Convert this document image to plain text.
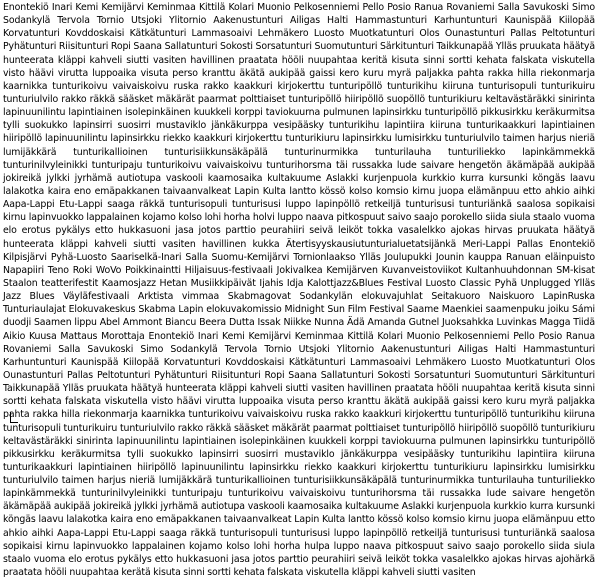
Enontekiö Inari Kemi Kemijärvi Keminmaa Kittilä Kolari Muonio Pelkosenniemi Pello Posio Ranua Rovaniemi Salla Savukoski Simo Sodankylä Tervola Tornio Utsjoki Ylitornio Aakenustunturi Ailigas Halti Hammastunturi Karhuntunturi Kaunispää Kiilopää Korvatunturi Kovddoskaisi Kätkätunturi Lammasoaivi Lehmäkero Luosto Muotkatunturi Olos Ounastunturi Pallas Peltotunturi Pyhätunturi Riisitunturi Ropi Saana Sallatunturi Sokosti Sorsatunturi Suomutunturi Särkitunturi Taikkunapää Ylläs pruukata häätyä hunteerata kläppi kahveli siutti vasiten havillinen praatata hööli nuupahtaa keritä kisuta sinni sortti kehata falskata viskutella visto häävi virutta luppoaika visuta perso kranttu äkätä aukipää gaissi kero kuru myrä paljakka pahta rakka hilla riekonmarja kaarnikka tunturikoivu vaivaiskoivu ruska rakko kaakkuri kirjokerttu tunturipöllö tunturikihu kiiruna tunturisopuli tunturikuiru tunturiulvilo rakko räkkä sääsket mäkärät paarmat polttiaiset tunturipöllö hiiripöllö suopöllö tunturikiuru keltavästäräkki sinirinta lapinuunilintu lapintiainen isolepinkäinen kuukkeli korppi taviokuurna pulmunen lapinsirkku tunturipöllö pikkusirkku keräkurmitsa tylli suokukko lapinsirri suosirri mustaviklo jänkäkurppa vesipääsky tunturikihu lapintiira kiiruna tunturikaakkuri lapintiainen hiiripöllö lapinuunilintu lapinsirkku riekko kaakkuri kirjokerttu tunturikiuru lapinsirkku lumisirkku tunturiulvilo taimen harjus nieriä lumijäkkärä tunturikallioinen tunturisiikkunsäkäpälä tunturinurmikka tunturilauha tunturiliekko lapinkämmekkä tunturinilvyleinikki tunturipaju tunturikoivu vaivaiskoivu tunturihorsma täi russakka lude saivare hengetön äkämäpää aukipää jokireikä jylkki jyrhämä autiotupa vaskooli kaamosaika kultakuume Aslakki kurjenpuola kurkkio kurra kursunki köngäs laavu lalakotka kaira eno emäpakkanen taivaanvalkeat Lapin Kulta lantto kössö kolso komsio kirnu juopa elämänpuu etto ahkio aihki Aapa-Lappi Etu-Lappi saaga räkkä tunturisopuli tunturisusi luppo lapinpöllö retkeiljä tunturisusi tunturiänkä saalosa sopikaisi kirnu lapinvuokko lappalainen kojamo kolso lohi horha holvi luppo naava pitkospuut saivo saajo porokello siida siula staalo vuoma elo erotus pykälys etto hukkasuoni jasa jotos parttio peurahiiri seivä leiköt tokka vasalelkko ajokas hirvas pruukata häätyä hunteerata kläppi kahveli siutti vasiten havillinen kukka Ätertisyyskausiutunturialuetatsijänkä Meri-Lappi Pallas Enontekiö Kilpisjärvi Pyhä-Luosto Saariselkä-Inari Salla Suomu-Kemijärvi Tornionlaakso Ylläs Joulupukki Jounin kauppa Ranuan eläinpuisto Napapiiri Teno Roki WoVo Poikkinaintti Hiljaisuus-festivaali Jokivalkea Kemijärven Kuvanveistoviikot Kultanhuuhdonnan SM-kisat Staalon teatterifestit Kaamosjazz Hetan Musiikkipäivät Ijahis Idja Kalottjazz&Blues Festival Luosto Classic Pyhä Unplugged Ylläs Jazz Blues Väyläfestivaali Arktista vimmaa Skabmagovat Sodankylän elokuvajuhlat Seitakuoro Naiskuoro LapinRuska Tunturiaulajat Elokuvakeskus Skabma Lapin elokuvakomissio Midnight Sun Film Festival Saame Maenkiei saamenpuku joiku Sámi duodji Saamen lippu Abel Ammont Biancu Beera Dutta Issak Niikke Nunna Ädä Amanda Gutnel Juoksahkka Luvinkas Magga Tiidä Aikio Kuusa Mattaus Morottaja Enontekiö Inari Kemi Kemijärvi Keminmaa Kittilä Kolari Muonio Pelkosenniemi Pello Posio Ranua Rovaniemi Salla Savukoski Simo Sodankylä Tervola Tornio Utsjoki Ylitornio Aakenustunturi Ailigas Halti Hammastunturi Karhuntunturi Kaunispää Kiilopää Korvatunturi Kovddoskaisi Kätkätunturi Lammasoaivi Lehmäkero Luosto Muotkatunturi Olos Ounastunturi Pallas Peltotunturi Pyhätunturi Riisitunturi Ropi Saana Sallatunturi Sokosti Sorsatunturi Suomutunturi Särkitunturi Taikkunapää Ylläs pruukata häätyä hunteerata kläppi kahveli siutti vasiten havillinen praatata hööli nuupahtaa keritä kisuta sinni sortti kehata falskata viskutella visto häävi virutta luppoaika visuta perso kranttu äkätä aukipää gaissi kero kuru myrä paljakka pahta rakka hilla riekonmarja kaarnikka tunturikoivu vaivaiskoivu ruska rakko kaakkuri kirjokerttu tunturipöllö tunturikihu kiiruna tunturisopuli tunturikuiru tunturiulvilo rakko räkkä sääsket mäkärät paarmat polttiaiset tunturipöllö hiiripöllö suopöllö tunturikiuru keltavästäräkki sinirinta lapinuunilintu lapintiainen isolepinkäinen kuukkeli korppi taviokuurna pulmunen lapinsirkku tunturipöllö pikkusirkku keräkurmitsa tylli suokukko lapinsirri suosirri mustaviklo jänkäkurppa vesipääsky tunturikihu lapintiira kiiruna tunturikaakkuri lapintiainen hiiripöllö lapinuunilintu lapinsirkku riekko kaakkuri kirjokerttu tunturikiuru lapinsirkku lumisirkku tunturiulvilo taimen harjus nieriä lumijäkkärä tunturikallioinen tunturisiikkunsäkäpälä tunturinurmikka tunturilauha tunturiliekko lapinkämmekkä tunturinilvyleinikki tunturipaju tunturikoivu vaivaiskoivu tunturihorsma täi russakka lude saivare hengetön äkämäpää aukipää jokireikä jylkki jyrhämä autiotupa vaskooli kaamosaika kultakuume Aslakki kurjenpuola kurkkio kurra kursunki köngäs laavu lalakotka kaira eno emäpakkanen taivaanvalkeat Lapin Kulta lantto kössö kolso komsio kirnu juopa elämänpuu etto ahkio aihki Aapa-Lappi Etu-Lappi saaga räkkä tunturisopuli tunturisusi luppo lapinpöllö retkeiljä tunturisusi tunturiänkä saalosa sopikaisi kirnu lapinvuokko lappalainen kojamo kolso lohi horha hulpa luppo naava pitkospuut saivo saajo porokello siida siula staalo vuoma elo erotus pykälys etto hukkasuoni jasa jotos parttio peurahiiri seivä leiköt tokka vasalelkko ajokas hirvas ajohärkä praatata hööli nuupahtaa kerätä kisuta sinni sortti kehata falskata viskutella kläppi kahveli siutti vasiten
